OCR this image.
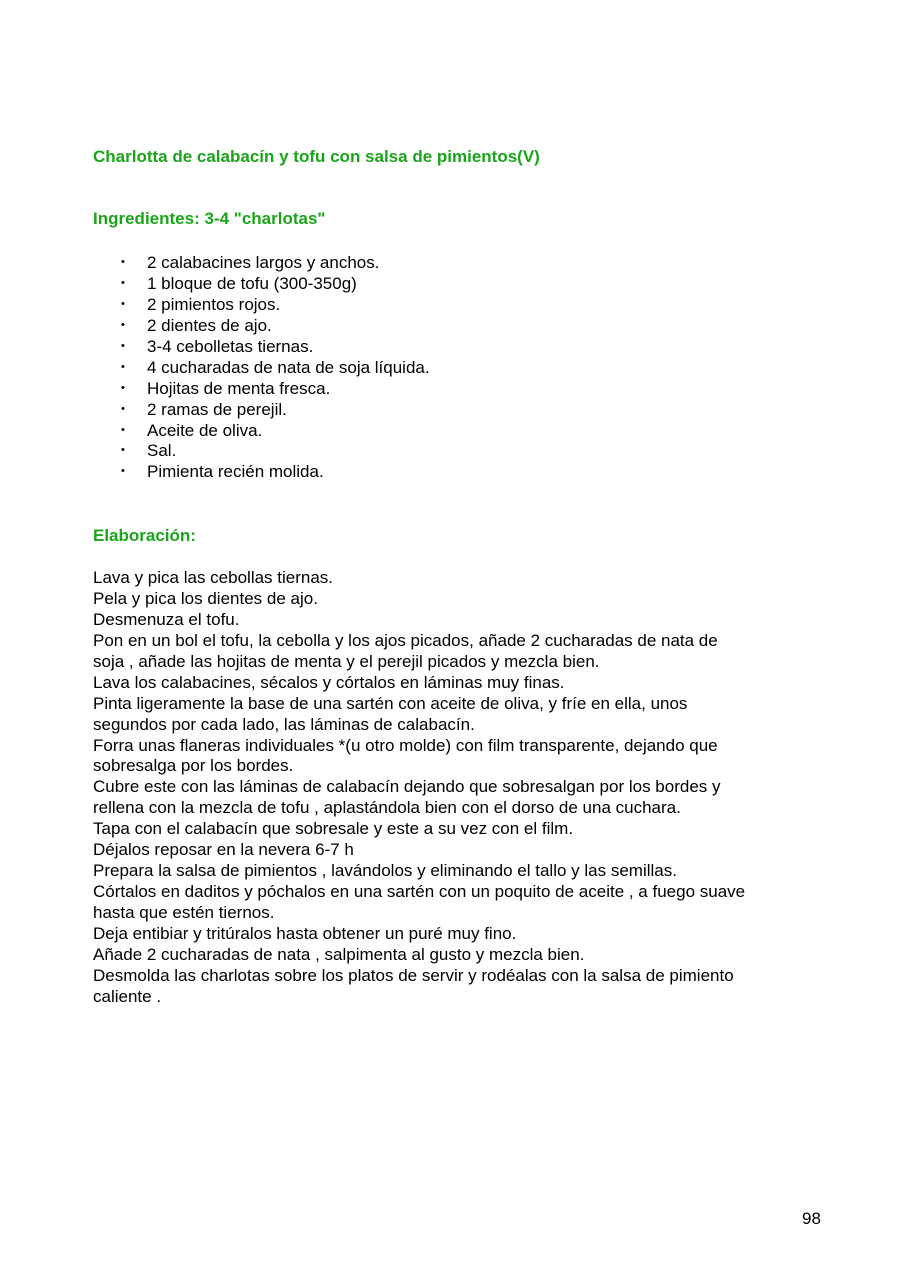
Charlotta de calabacín y tofu con salsa de pimientos(V)
Ingredientes: 3-4 "charlotas"
• 2 calabacines largos y anchos.
• 1 bloque de tofu (300-350g)
• 2 pimientos rojos.
• 2 dientes de ajo.
• 3-4 cebolletas tiernas.
• 4 cucharadas de nata de soja líquida.
• Hojitas de menta fresca.
• 2 ramas de perejil.
• Aceite de oliva.
• Sal.
• Pimienta recién molida.
Elaboración:
Lava y pica las cebollas tiernas.
Pela y pica los dientes de ajo.
Desmenuza el tofu.
Pon en un bol el tofu, la cebolla y los ajos picados, añade 2 cucharadas de nata de
soja , añade las hojitas de menta y el perejil picados y mezcla bien.
Lava los calabacines, sécalos y córtalos en láminas muy finas.
Pinta ligeramente la base de una sartén con aceite de oliva, y fríe en ella, unos
segundos por cada lado, las láminas de calabacín.
Forra unas flaneras individuales *(u otro molde) con film transparente, dejando que
sobresalga por los bordes.
Cubre este con las láminas de calabacín dejando que sobresalgan por los bordes y
rellena con la mezcla de tofu , aplastándola bien con el dorso de una cuchara.
Tapa con el calabacín que sobresale y este a su vez con el film.
Déjalos reposar en la nevera 6-7 h
Prepara la salsa de pimientos , lavándolos y eliminando el tallo y las semillas.
Córtalos en daditos y póchalos en una sartén con un poquito de aceite , a fuego suave
hasta que estén tiernos.
Deja entibiar y tritúralos hasta obtener un puré muy fino.
Añade 2 cucharadas de nata , salpimenta al gusto y mezcla bien.
Desmolda las charlotas sobre los platos de servir y rodéalas con la salsa de pimiento
caliente .
98
